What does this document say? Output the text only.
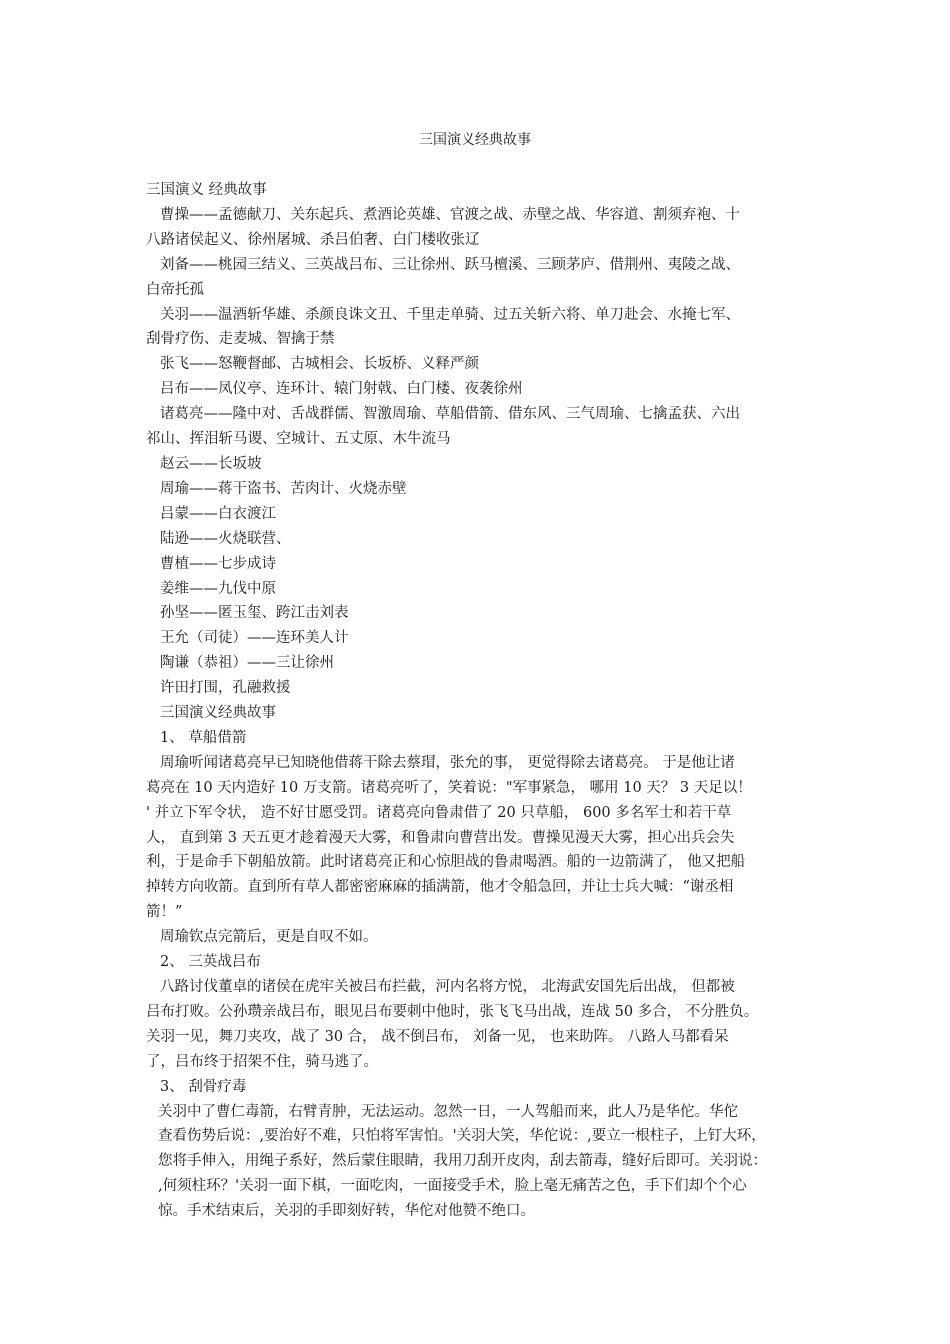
三国演义经典故事

三国演义 经典故事

曹操——孟德献刀、关东起兵、煮酒论英雄、官渡之战、赤壁之战、华容道、割须弃袍、十

八路诸侯起义、徐州屠城、杀吕伯奢、白门楼收张辽

刘备——桃园三结义、三英战吕布、三让徐州、跃马檀溪、三顾茅庐、借荆州、夷陵之战、

白帝托孤

关羽——温酒斩华雄、杀颜良诛文丑、千里走单骑、过五关斩六将、单刀赴会、水掩七军、

刮骨疗伤、走麦城、智擒于禁

张飞——怒鞭督邮、古城相会、长坂桥、义释严颜

吕布——凤仪亭、连环计、辕门射戟、白门楼、夜袭徐州

诸葛亮——隆中对、舌战群儒、智激周瑜、草船借箭、借东风、三气周瑜、七擒孟获、六出

祁山、挥泪斩马谡、空城计、五丈原、木牛流马

赵云——长坂坡

周瑜——蒋干盗书、苦肉计、火烧赤壁

吕蒙——白衣渡江

陆逊——火烧联营、

曹植——七步成诗

姜维——九伐中原

孙坚——匿玉玺、跨江击刘表

王允（司徒）——连环美人计

陶谦（恭祖）——三让徐州

许田打围，孔融救援

三国演义经典故事

1、 草船借箭

周瑜听闻诸葛亮早已知晓他借蒋干除去蔡瑁，张允的事， 更觉得除去诸葛亮。 于是他让诸

葛亮在 10 天内造好 10 万支箭。诸葛亮听了，笑着说："军事紧急， 哪用 10 天？ 3 天足以！

' 并立下军令状， 造不好甘愿受罚。诸葛亮向鲁肃借了 20 只草船， 600 多名军士和若干草

人， 直到第 3 天五更才趁着漫天大雾，和鲁肃向曹营出发。曹操见漫天大雾，担心出兵会失

利，于是命手下朝船放箭。此时诸葛亮正和心惊胆战的鲁肃喝酒。船的一边箭满了， 他又把船

掉转方向收箭。直到所有草人都密密麻麻的插满箭，他才令船急回，并让士兵大喊：“谢丞相

箭！”

周瑜钦点完箭后，更是自叹不如。

2、 三英战吕布

八路讨伐董卓的诸侯在虎牢关被吕布拦截，河内名将方悦， 北海武安国先后出战， 但都被

吕布打败。公孙瓒亲战吕布，眼见吕布要刺中他时，张飞飞马出战，连战 50 多合， 不分胜负。

关羽一见，舞刀夹攻，战了 30 合， 战不倒吕布， 刘备一见， 也来助阵。 八路人马都看呆

了，吕布终于招架不住，骑马逃了。

3、 刮骨疗毒

关羽中了曹仁毒箭，右臂青肿，无法运动。忽然一日，一人驾船而来，此人乃是华佗。华佗

查看伤势后说：,要治好不难，只怕将军害怕。'关羽大笑，华佗说：,要立一根柱子，上钉大环，

您将手伸入，用绳子系好，然后蒙住眼睛，我用刀刮开皮肉，刮去箭毒，缝好后即可。关羽说：

,何须柱环？'关羽一面下棋，一面吃肉，一面接受手术，脸上毫无痛苦之色，手下们却个个心

惊。手术结束后，关羽的手即刻好转，华佗对他赞不绝口。
